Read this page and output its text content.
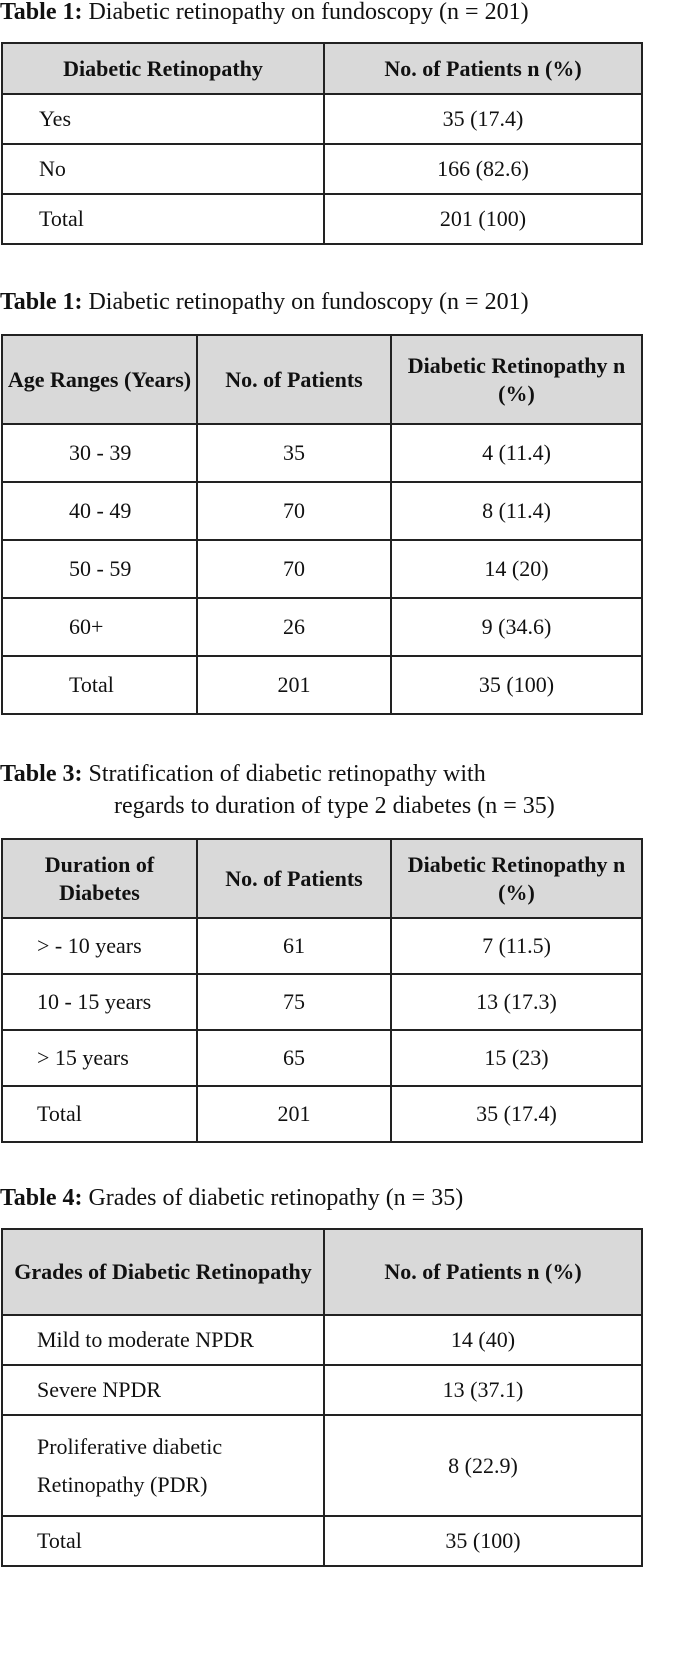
Table 1: Diabetic retinopathy on fundoscopy (n = 201)
Diabetic Retinopathy	No. of Patients n (%)
Yes	35 (17.4)
No	166 (82.6)
Total	201 (100)
Table 1: Diabetic retinopathy on fundoscopy (n = 201)
Age Ranges (Years)	No. of Patients	Diabetic Retinopathy n (%)
30 - 39	35	4 (11.4)
40 - 49	70	8 (11.4)
50 - 59	70	14 (20)
60+	26	9 (34.6)
Total	201	35 (100)
Table 3: Stratification of diabetic retinopathy with
regards to duration of type 2 diabetes (n = 35)
Duration of Diabetes	No. of Patients	Diabetic Retinopathy n (%)
> - 10 years	61	7 (11.5)
10 - 15 years	75	13 (17.3)
> 15 years	65	15 (23)
Total	201	35 (17.4)
Table 4: Grades of diabetic retinopathy (n = 35)
Grades of Diabetic Retinopathy	No. of Patients n (%)
Mild to moderate NPDR	14 (40)
Severe NPDR	13 (37.1)
Proliferative diabetic Retinopathy (PDR)	8 (22.9)
Total	35 (100)
